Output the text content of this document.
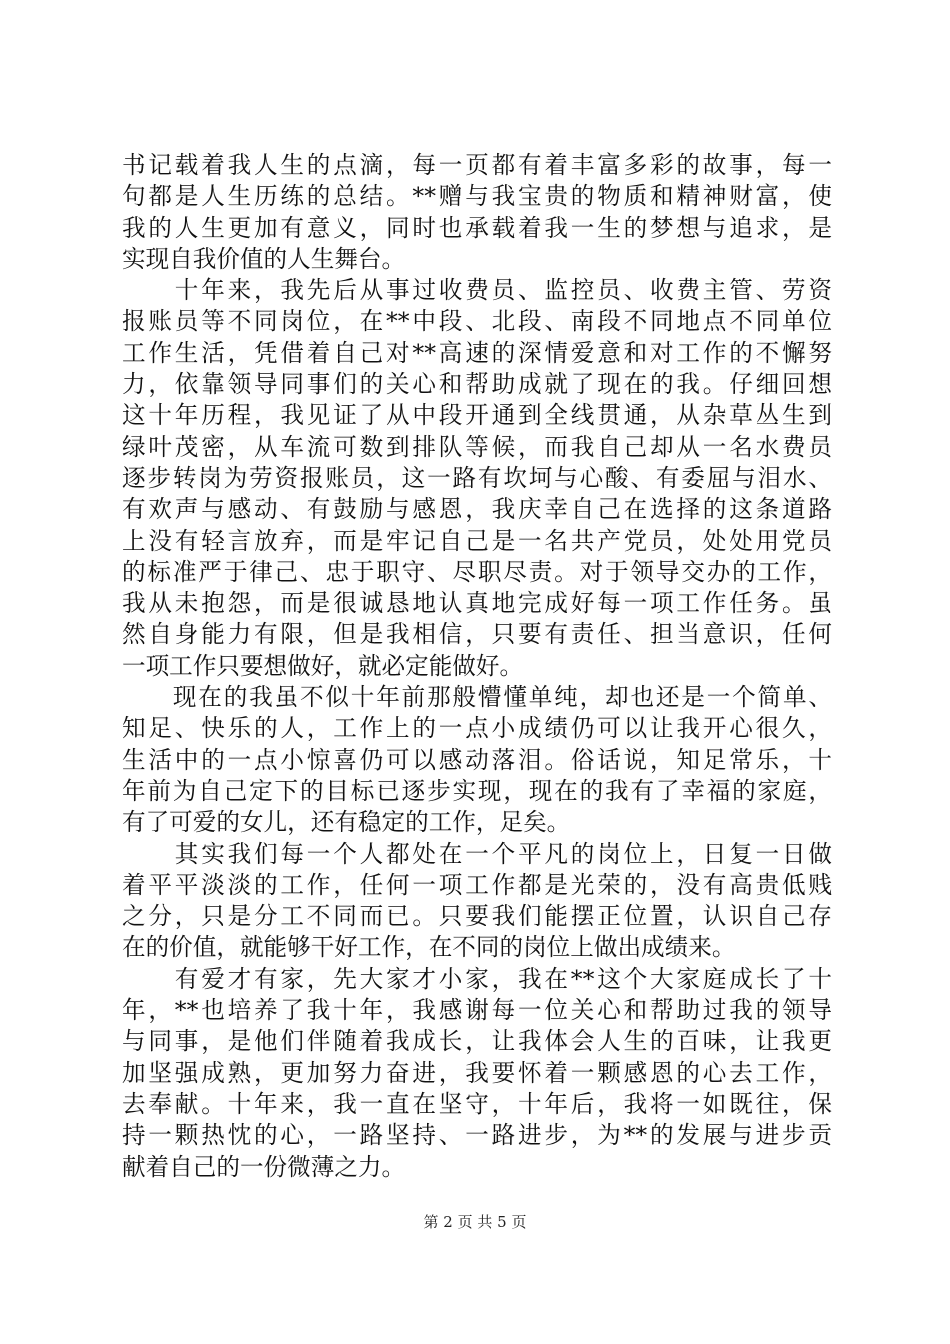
书记载着我人生的点滴，每一页都有着丰富多彩的故事，每一
句都是人生历练的总结。**赠与我宝贵的物质和精神财富，使
我的人生更加有意义，同时也承载着我一生的梦想与追求，是
实现自我价值的人生舞台。
　　十年来，我先后从事过收费员、监控员、收费主管、劳资
报账员等不同岗位，在**中段、北段、南段不同地点不同单位
工作生活，凭借着自己对**高速的深情爱意和对工作的不懈努
力，依靠领导同事们的关心和帮助成就了现在的我。仔细回想
这十年历程，我见证了从中段开通到全线贯通，从杂草丛生到
绿叶茂密，从车流可数到排队等候，而我自己却从一名水费员
逐步转岗为劳资报账员，这一路有坎坷与心酸、有委屈与泪水、
有欢声与感动、有鼓励与感恩，我庆幸自己在选择的这条道路
上没有轻言放弃，而是牢记自己是一名共产党员，处处用党员
的标准严于律己、忠于职守、尽职尽责。对于领导交办的工作，
我从未抱怨，而是很诚恳地认真地完成好每一项工作任务。虽
然自身能力有限，但是我相信，只要有责任、担当意识，任何
一项工作只要想做好，就必定能做好。
　　现在的我虽不似十年前那般懵懂单纯，却也还是一个简单、
知足、快乐的人，工作上的一点小成绩仍可以让我开心很久，
生活中的一点小惊喜仍可以感动落泪。俗话说，知足常乐，十
年前为自己定下的目标已逐步实现，现在的我有了幸福的家庭，
有了可爱的女儿，还有稳定的工作，足矣。
　　其实我们每一个人都处在一个平凡的岗位上，日复一日做
着平平淡淡的工作，任何一项工作都是光荣的，没有高贵低贱
之分，只是分工不同而已。只要我们能摆正位置，认识自己存
在的价值，就能够干好工作，在不同的岗位上做出成绩来。
　　有爱才有家，先大家才小家，我在**这个大家庭成长了十
年，**也培养了我十年，我感谢每一位关心和帮助过我的领导
与同事，是他们伴随着我成长，让我体会人生的百味，让我更
加坚强成熟，更加努力奋进，我要怀着一颗感恩的心去工作，
去奉献。十年来，我一直在坚守，十年后，我将一如既往，保
持一颗热忱的心，一路坚持、一路进步，为**的发展与进步贡
献着自己的一份微薄之力。
第 2 页 共 5 页
